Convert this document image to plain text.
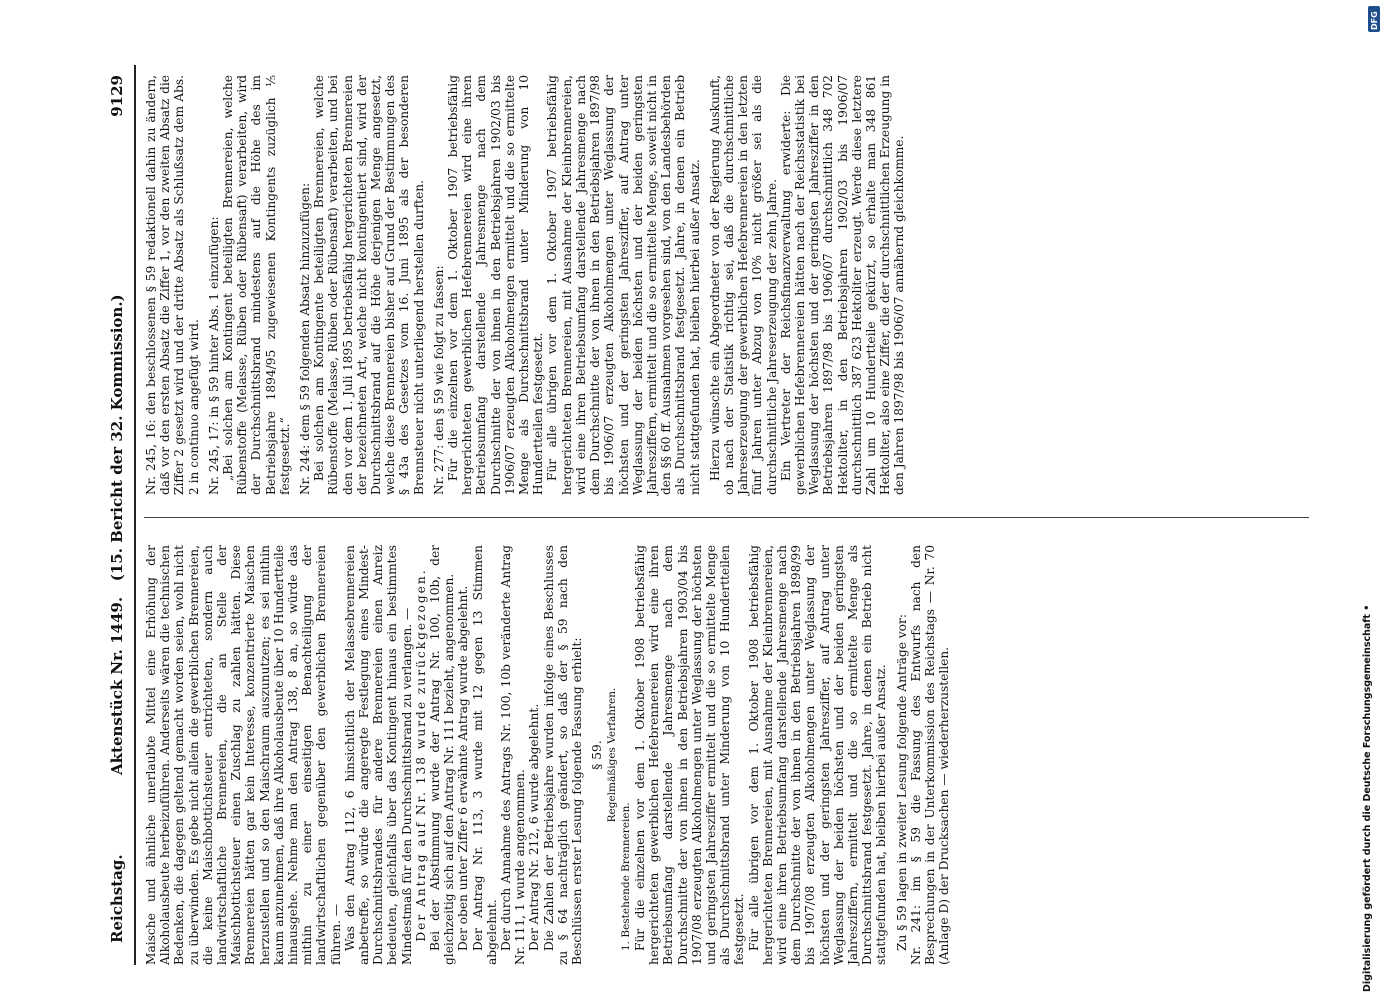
Reichstag.
Aktenstück Nr. 1449.   (15. Bericht der 32. Kommission.)
9129

Maische und ähnliche unerlaubte Mittel eine Erhöhung der Alkoholausbeute herbeizuführen. Anderseits wären die technischen Bedenken, die dagegen geltend gemacht worden seien, wohl nicht zu überwinden. Es gebe nicht allein die gewerblichen Brennereien, die keine Maischbottichsteuer entrichteten, sondern auch landwirtschaftliche Brennereien, die an Stelle der Maischbottichsteuer einen Zuschlag zu zahlen hätten. Diese Brennereien hätten gar kein Interesse, konzentrierte Maischen herzustellen und so den Maischraum auszunutzen; es sei mithin kaum anzunehmen, daß ihre Alkoholausbeute über 10 Hundertteile hinausgehe. Nehme man den Antrag 138, 8 an, so würde das mithin zu einer einseitigen Benachteiligung der landwirtschaftlichen gegenüber den gewerblichen Brennereien führen. — Was den Antrag 112, 6 hinsichtlich der Melassebrennereien anbetreffe, so würde die angeregte Festlegung eines Mindest-Durchschnittsbrandes für andere Brennereien einen Anreiz bedeuten, gleichfalls über das Kontingent hinaus ein bestimmtes Mindestmaß für den Durchschnittsbrand zu verlangen. — Der Antrag auf Nr. 138 wurde zurückgezogen. Bei der Abstimmung wurde der Antrag Nr. 100, 10b, der gleichzeitig sich auf den Antrag Nr. 111 bezieht, angenommen. Der oben unter Ziffer 6 erwähnte Antrag wurde abgelehnt. Der Antrag Nr. 113, 3 wurde mit 12 gegen 13 Stimmen abgelehnt. Der durch Annahme des Antrags Nr. 100, 10b veränderte Antrag Nr. 111, 1 wurde angenommen. Der Antrag Nr. 212, 6 wurde abgelehnt. Die Zahlen der Betriebsjahre wurden infolge eines Beschlusses zu § 64 nachträglich geändert, so daß der § 59 nach den Beschlüssen erster Lesung folgende Fassung erhielt: § 59. Regelmäßiges Verfahren.

1. Bestehende Brennereien. Für die einzelnen vor dem 1. Oktober 1908 betriebsfähig hergerichteten gewerblichen Hefebrennereien wird eine ihren Betriebsumfang darstellende Jahresmenge nach dem Durchschnitte der von ihnen in den Betriebsjahren 1903/04 bis 1907/08 erzeugten Alkoholmengen unter Weglassung der höchsten und geringsten Jahresziffer ermittelt und die so ermittelte Menge als Durchschnittsbrand unter Minderung von 10 Hundertteilen festgesetzt. Für alle übrigen vor dem 1. Oktober 1908 betriebsfähig hergerichteten Brennereien, mit Ausnahme der Kleinbrennereien, wird eine ihren Betriebsumfang darstellende Jahresmenge nach dem Durchschnitte der von ihnen in den Betriebsjahren 1898/99 bis 1907/08 erzeugten Alkoholmengen unter Weglassung der höchsten und der geringsten Jahresziffer, auf Antrag unter Weglassung der beiden höchsten und der beiden geringsten Jahresziffern, ermittelt und die so ermittelte Menge als Durchschnittsbrand festgesetzt. Jahre, in denen ein Betrieb nicht stattgefunden hat, bleiben hierbei außer Ansatz. Zu § 59 lagen in zweiter Lesung folgende Anträge vor: Nr. 241: im § 59 die Fassung des Entwurfs nach den Besprechungen in der Unterkommission des Reichstags — Nr. 70 (Anlage D) der Drucksachen — wiederherzustellen.

Nr. 245, 16: den beschlossenen § 59 redaktionell dahin zu ändern, daß vor den ersten Absatz die Ziffer 1, vor den zweiten Absatz die Ziffer 2 gesetzt wird und der dritte Absatz als Schlußsatz dem Abs. 2 in continuo angefügt wird. Nr. 245, 17: in § 59 hinter Abs. 1 einzufügen: „Bei solchen am Kontingent beteiligten Brennereien, welche Rübenstoffe (Melasse, Rüben oder Rübensaft) verarbeiten, wird der Durchschnittsbrand mindestens auf die Höhe des im Betriebsjahre 1894/95 zugewiesenen Kontingents zuzüglich ⅕ festgesetzt.“ Nr. 244: dem § 59 folgenden Absatz hinzuzufügen: Bei solchen am Kontingente beteiligten Brennereien, welche Rübenstoffe (Melasse, Rüben oder Rübensaft) verarbeiten, und bei den vor dem 1. Juli 1895 betriebsfähig hergerichteten Brennereien der bezeichneten Art, welche nicht kontingentiert sind, wird der Durchschnittsbrand auf die Höhe derjenigen Menge angesetzt, welche diese Brennereien bisher auf Grund der Bestimmungen des § 43a des Gesetzes vom 16. Juni 1895 als der besonderen Brennsteuer nicht unterliegend herstellen durften. Nr. 277: den § 59 wie folgt zu fassen: Für die einzelnen vor dem 1. Oktober 1907 betriebsfähig hergerichteten gewerblichen Hefebrennereien wird eine ihren Betriebsumfang darstellende Jahresmenge nach dem Durchschnitte der von ihnen in den Betriebsjahren 1902/03 bis 1906/07 erzeugten Alkoholmengen ermittelt und die so ermittelte Menge als Durchschnittsbrand unter Minderung von 10 Hundertteilen festgesetzt. Für alle übrigen vor dem 1. Oktober 1907 betriebsfähig hergerichteten Brennereien, mit Ausnahme der Kleinbrennereien, wird eine ihren Betriebsumfang darstellende Jahresmenge nach dem Durchschnitte der von ihnen in den Betriebsjahren 1897/98 bis 1906/07 erzeugten Alkoholmengen unter Weglassung der höchsten und der geringsten Jahresziffer, auf Antrag unter Weglassung der beiden höchsten und der beiden geringsten Jahresziffern, ermittelt und die so ermittelte Menge, soweit nicht in den §§ 60 ff. Ausnahmen vorgesehen sind, von den Landesbehörden als Durchschnittsbrand festgesetzt. Jahre, in denen ein Betrieb nicht stattgefunden hat, bleiben hierbei außer Ansatz. Hierzu wünschte ein Abgeordneter von der Regierung Auskunft, ob nach der Statistik richtig sei, daß die durchschnittliche Jahreserzeugung der gewerblichen Hefebrennereien in den letzten fünf Jahren unter Abzug von 10% nicht größer sei als die durchschnittliche Jahreserzeugung der zehn Jahre. Ein Vertreter der Reichsfinanzverwaltung erwiderte: Die gewerblichen Hefebrennereien hätten nach der Reichsstatistik bei Weglassung der höchsten und der geringsten Jahresziffer in den Betriebsjahren 1897/98 bis 1906/07 durchschnittlich 348 702 Hektoliter, in den Betriebsjahren 1902/03 bis 1906/07 durchschnittlich 387 623 Hektoliter erzeugt. Werde diese letztere Zahl um 10 Hundertteile gekürzt, so erhalte man 348 861 Hektoliter, also eine Ziffer, die der durchschnittlichen Erzeugung in den Jahren 1897/98 bis 1906/07 annähernd gleichkomme.

Digitalisierung gefördert durch die Deutsche Forschungsgemeinschaft •
DFG
